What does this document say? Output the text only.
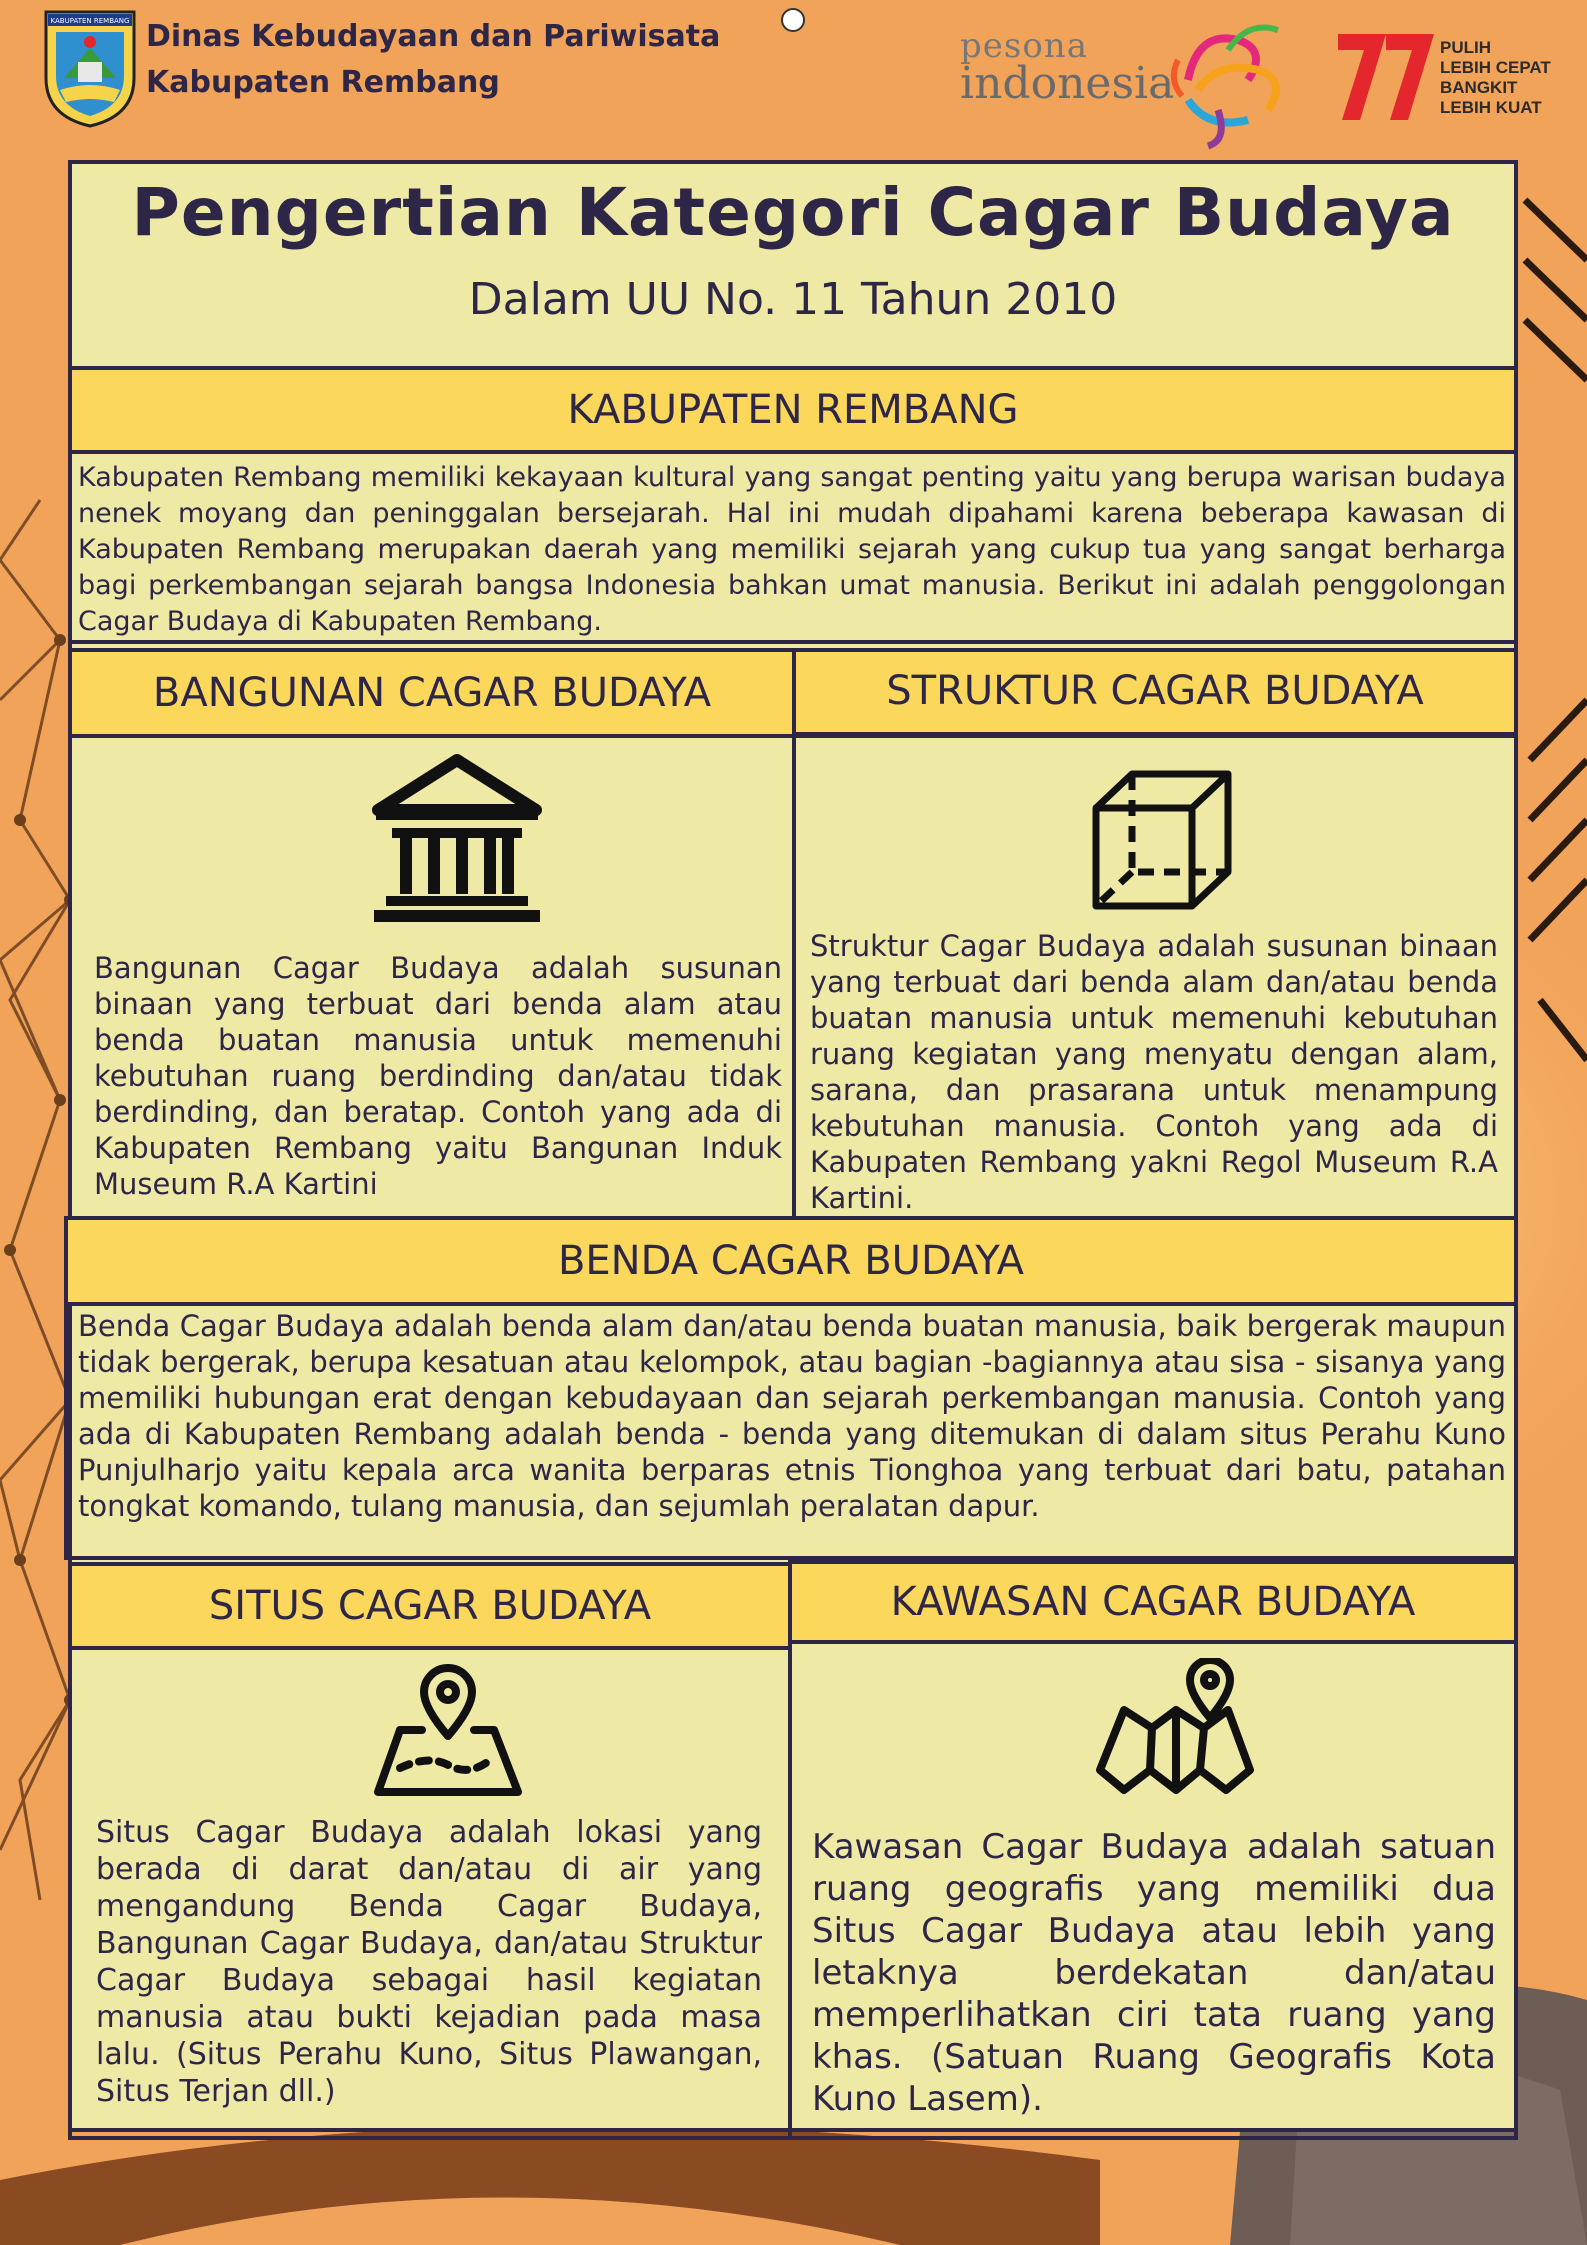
KABUPATEN REMBANG Dinas Kebudayaan dan Pariwisata
Kabupaten Rembang
pesona
indonesia
PULIH
LEBIH CEPAT
BANGKIT
LEBIH KUAT
Pengertian Kategori Cagar Budaya
Dalam UU No. 11 Tahun 2010
KABUPATEN REMBANG
Kabupaten Rembang memiliki kekayaan kultural yang sangat penting yaitu yang berupa warisan budaya nenek moyang dan peninggalan bersejarah. Hal ini mudah dipahami karena beberapa kawasan di Kabupaten Rembang merupakan daerah yang memiliki sejarah yang cukup tua yang sangat berharga bagi perkembangan sejarah bangsa Indonesia bahkan umat manusia. Berikut ini adalah penggolongan Cagar Budaya di Kabupaten Rembang.
BANGUNAN CAGAR BUDAYA	STRUKTUR CAGAR BUDAYA
Bangunan Cagar Budaya adalah susunan binaan yang terbuat dari benda alam atau benda buatan manusia untuk memenuhi kebutuhan ruang berdinding dan/atau tidak berdinding, dan beratap. Contoh yang ada di Kabupaten Rembang yaitu Bangunan Induk Museum R.A Kartini
Struktur Cagar Budaya adalah susunan binaan yang terbuat dari benda alam dan/atau benda buatan manusia untuk memenuhi kebutuhan ruang kegiatan yang menyatu dengan alam, sarana, dan prasarana untuk menampung kebutuhan manusia. Contoh yang ada di Kabupaten Rembang yakni Regol Museum R.A Kartini.
BENDA CAGAR BUDAYA
Benda Cagar Budaya adalah benda alam dan/atau benda buatan manusia, baik bergerak maupun tidak bergerak, berupa kesatuan atau kelompok, atau bagian -bagiannya atau sisa - sisanya yang memiliki hubungan erat dengan kebudayaan dan sejarah perkembangan manusia. Contoh yang ada di Kabupaten Rembang adalah benda - benda yang ditemukan di dalam situs Perahu Kuno Punjulharjo yaitu kepala arca wanita berparas etnis Tionghoa yang terbuat dari batu, patahan tongkat komando, tulang manusia, dan sejumlah peralatan dapur.
SITUS CAGAR BUDAYA	KAWASAN CAGAR BUDAYA
Situs Cagar Budaya adalah lokasi yang berada di darat dan/atau di air yang mengandung Benda Cagar Budaya, Bangunan Cagar Budaya, dan/atau Struktur Cagar Budaya sebagai hasil kegiatan manusia atau bukti kejadian pada masa lalu. (Situs Perahu Kuno, Situs Plawangan, Situs Terjan dll.)
Kawasan Cagar Budaya adalah satuan ruang geografis yang memiliki dua Situs Cagar Budaya atau lebih yang letaknya berdekatan dan/atau memperlihatkan ciri tata ruang yang khas. (Satuan Ruang Geografis Kota Kuno Lasem).
